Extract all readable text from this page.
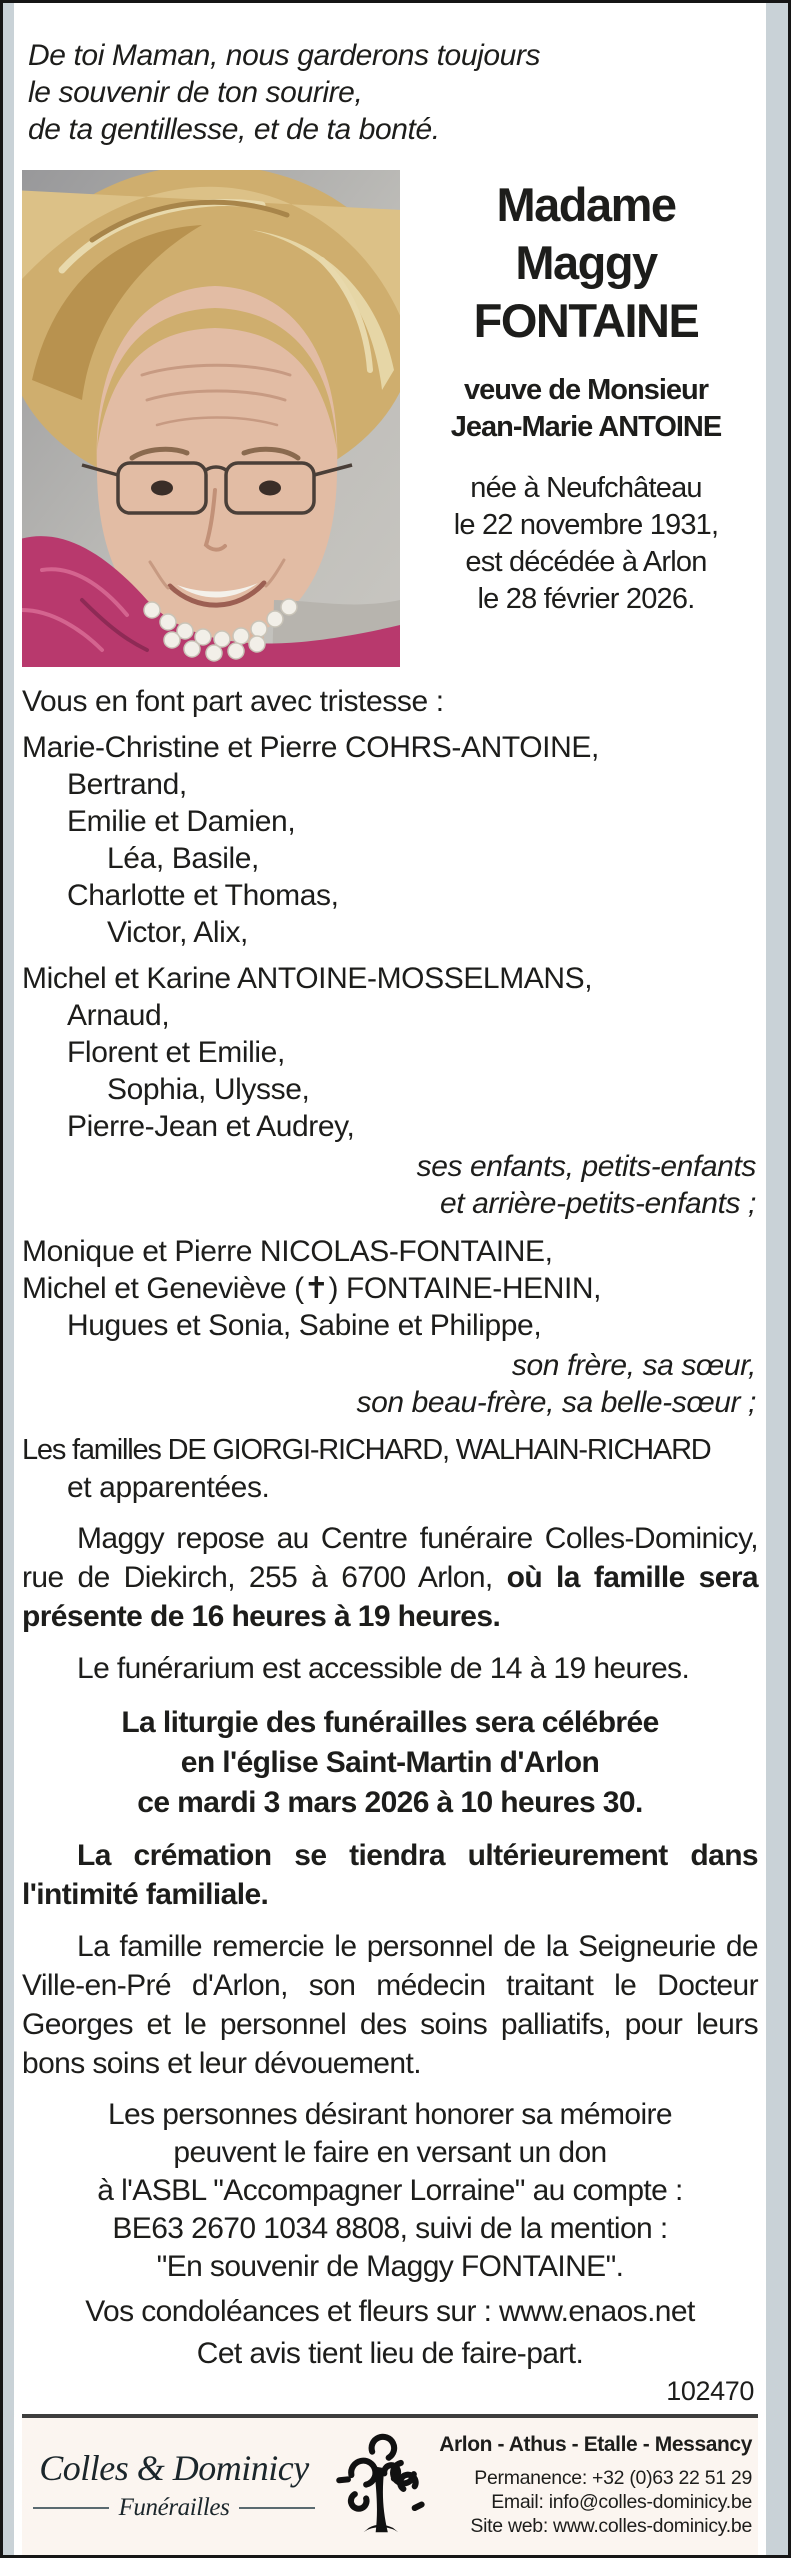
De toi Maman, nous garderons toujours
le souvenir de ton sourire,
de ta gentillesse, et de ta bonté.
Madame
Maggy
FONTAINE
veuve de Monsieur
Jean-Marie ANTOINE
née à Neufchâteau
le 22 novembre 1931,
est décédée à Arlon
le 28 février 2026.
Vous en font part avec tristesse :
Marie-Christine et Pierre COHRS-ANTOINE,
Bertrand,
Emilie et Damien,
Léa, Basile,
Charlotte et Thomas,
Victor, Alix,
Michel et Karine ANTOINE-MOSSELMANS,
Arnaud,
Florent et Emilie,
Sophia, Ulysse,
Pierre-Jean et Audrey,
ses enfants, petits-enfants
et arrière-petits-enfants ;
Monique et Pierre NICOLAS-FONTAINE,
Michel et Geneviève (✝) FONTAINE-HENIN,
Hugues et Sonia, Sabine et Philippe,
son frère, sa sœur,
son beau-frère, sa belle-sœur ;
Les familles DE GIORGI-RICHARD, WALHAIN-RICHARD
et apparentées.

Maggy repose au Centre funéraire Colles-Dominicy, rue de Diekirch, 255 à 6700 Arlon, où la famille sera présente de 16 heures à 19 heures.

Le funérarium est accessible de 14 à 19 heures.

La liturgie des funérailles sera célébrée
en l'église Saint-Martin d'Arlon
ce mardi 3 mars 2026 à 10 heures 30.

La crémation se tiendra ultérieurement dans l'intimité familiale.

La famille remercie le personnel de la Seigneurie de Ville-en-Pré d'Arlon, son médecin traitant le Docteur Georges et le personnel des soins palliatifs, pour leurs bons soins et leur dévouement.

Les personnes désirant honorer sa mémoire
peuvent le faire en versant un don
à l'ASBL "Accompagner Lorraine" au compte :
BE63 2670 1034 8808, suivi de la mention :
"En souvenir de Maggy FONTAINE".
Vos condoléances et fleurs sur : www.enaos.net
Cet avis tient lieu de faire-part.
102470
Colles & Dominicy
Funérailles
Arlon - Athus - Etalle - Messancy
Permanence: +32 (0)63 22 51 29
Email: info@colles-dominicy.be
Site web: www.colles-dominicy.be
